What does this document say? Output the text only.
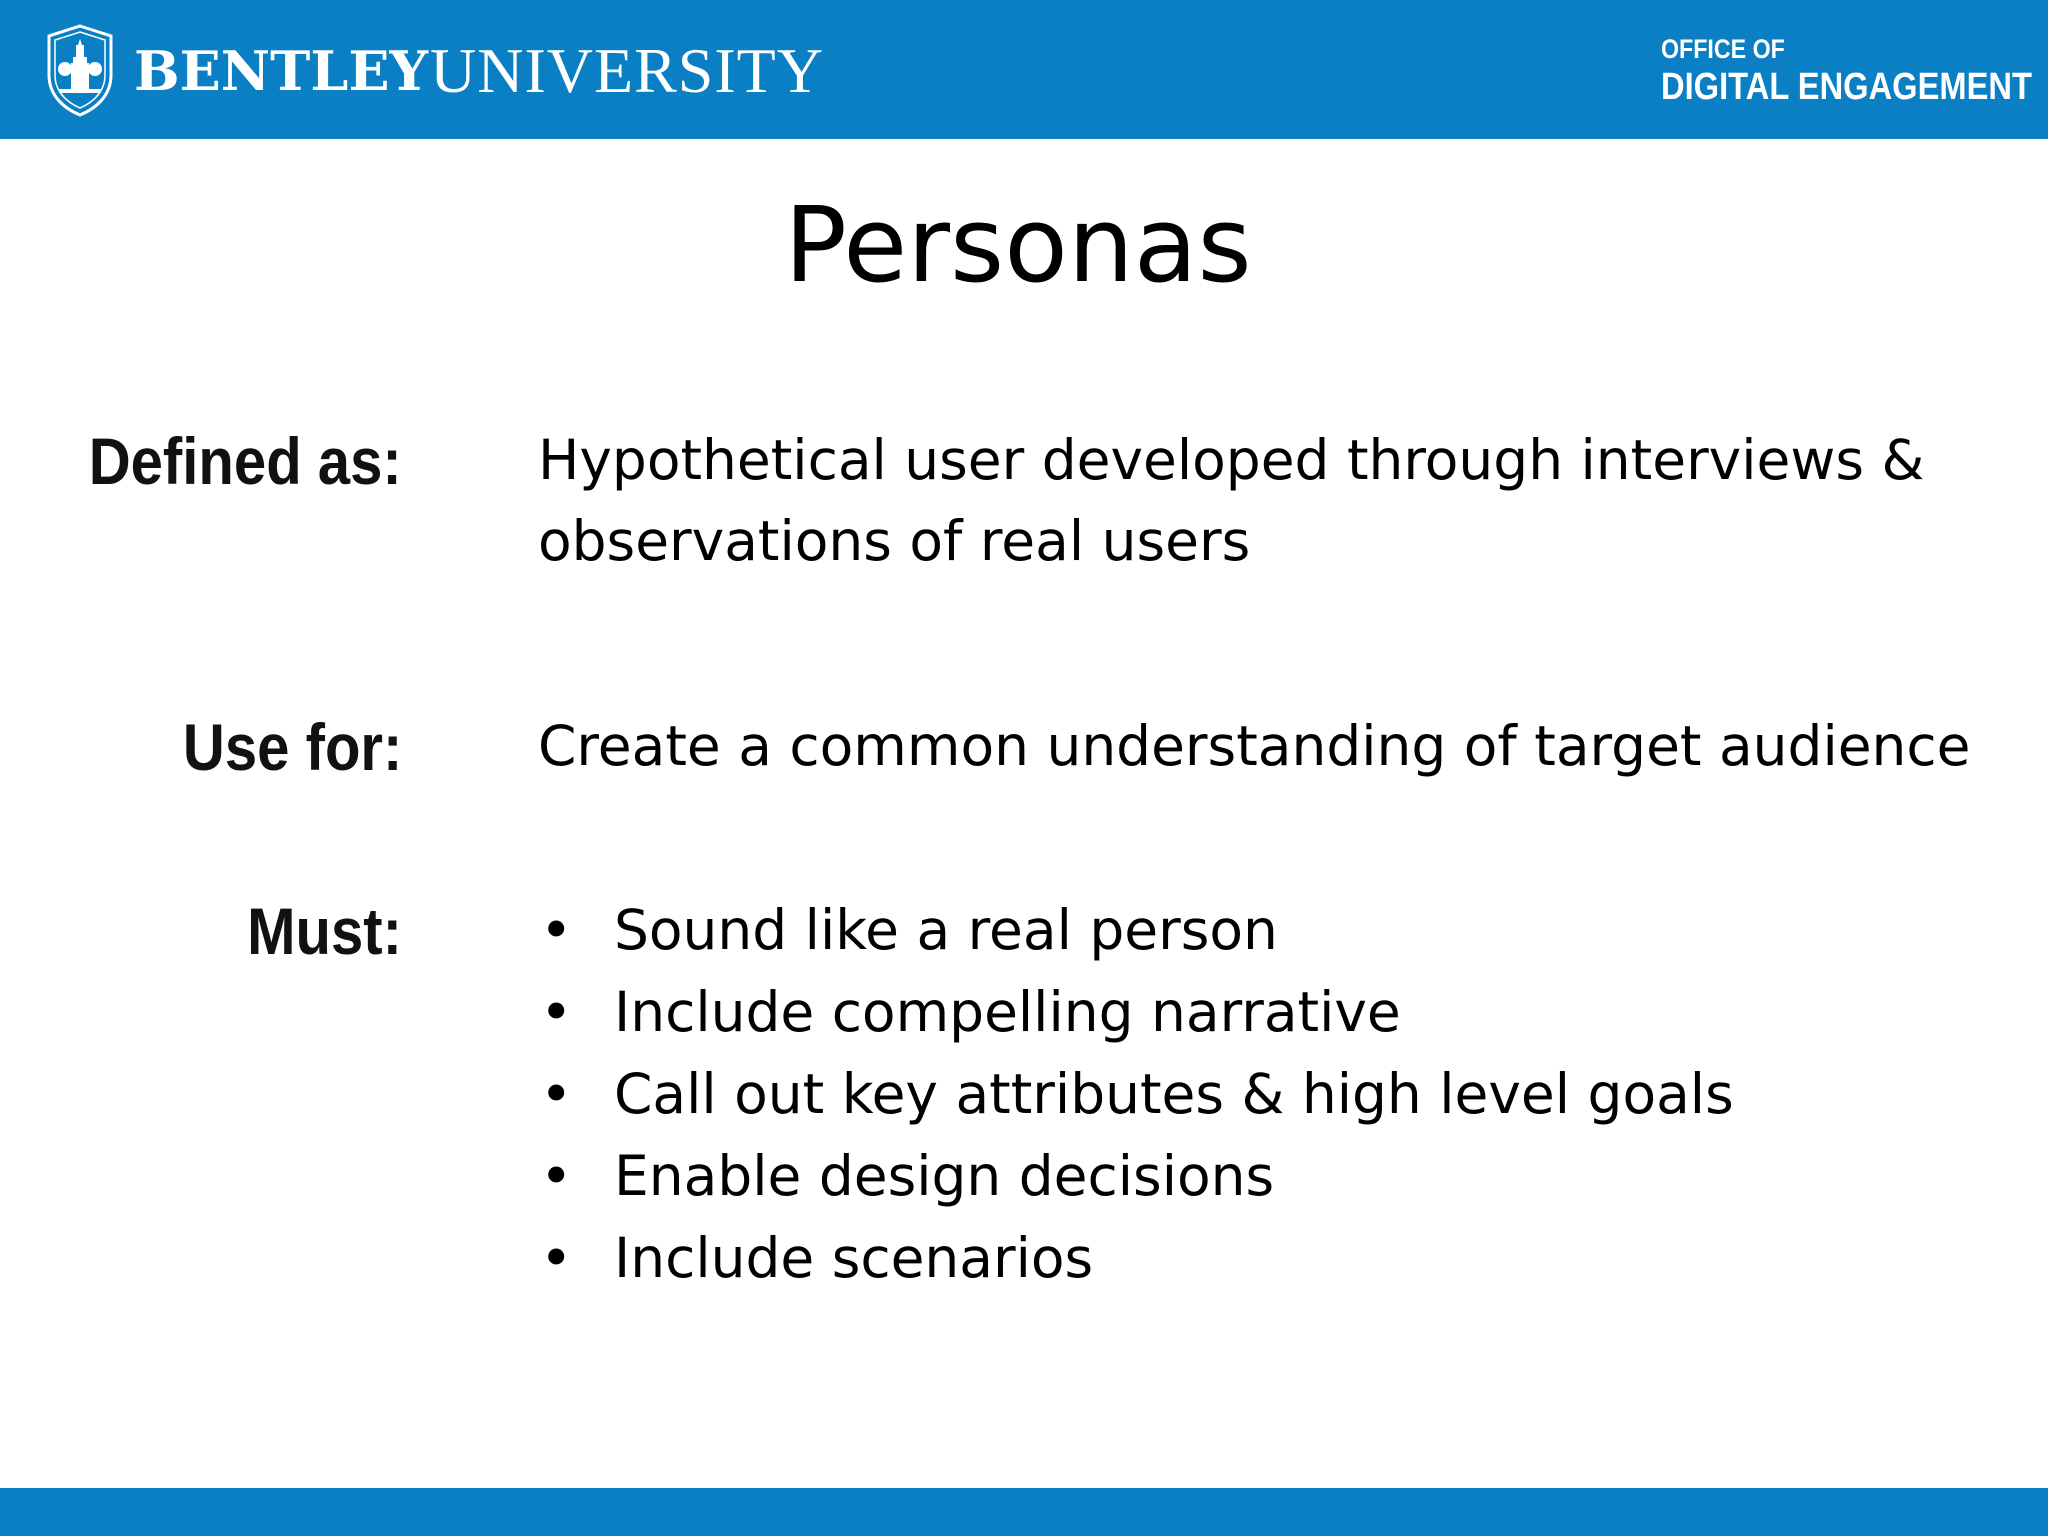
BENTLEY UNIVERSITY	OFFICE OF
DIGITAL ENGAGEMENT
Personas
Defined as: Hypothetical user developed through interviews &
observations of real users
Use for: Create a common understanding of target audience
Must:	• Sound like a real person
• Include compelling narrative
• Call out key attributes & high level goals
• Enable design decisions
• Include scenarios
